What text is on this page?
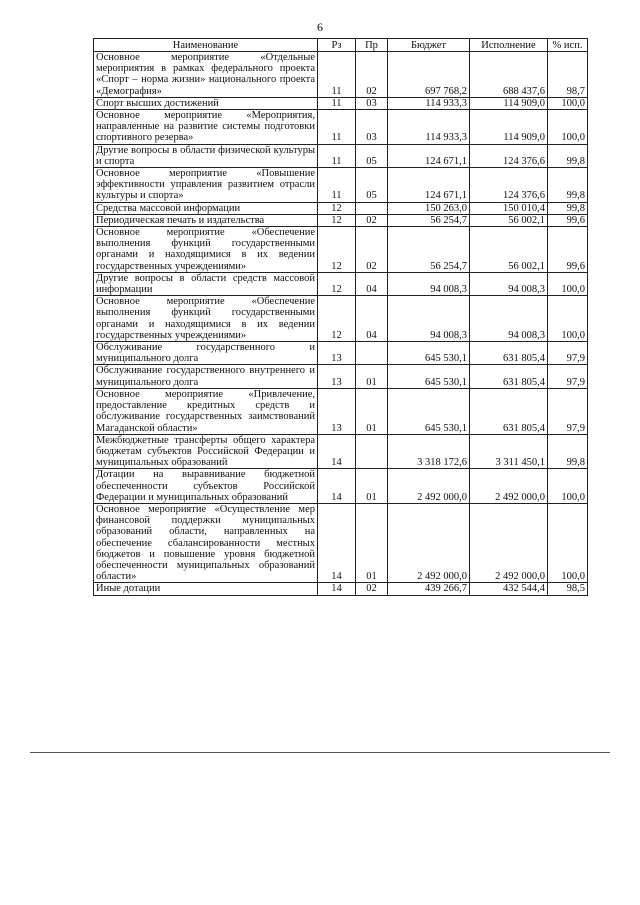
6
Наименование	Рз	Пр	Бюджет	Исполнение	% исп.
Основное мероприятие «Отдельные мероприятия в рамках федерального проекта «Спорт – норма жизни» национального проекта «Демография»	11	02	697 768,2	688 437,6	98,7
Спорт высших достижений	11	03	114 933,3	114 909,0	100,0
Основное мероприятие «Мероприятия, направленные на развитие системы подготовки спортивного резерва»	11	03	114 933,3	114 909,0	100,0
Другие вопросы в области физической культуры и спорта	11	05	124 671,1	124 376,6	99,8
Основное мероприятие «Повышение эффективности управления развитием отрасли культуры и спорта»	11	05	124 671,1	124 376,6	99,8
Средства массовой информации	12		150 263,0	150 010,4	99,8
Периодическая печать и издательства	12	02	56 254,7	56 002,1	99,6
Основное мероприятие «Обеспечение выполнения функций государственными органами и находящимися в их ведении государственных учреждениями»	12	02	56 254,7	56 002,1	99,6
Другие вопросы в области средств массовой информации	12	04	94 008,3	94 008,3	100,0
Основное мероприятие «Обеспечение выполнения функций государственными органами и находящимися в их ведении государственных учреждениями»	12	04	94 008,3	94 008,3	100,0
Обслуживание государственного и муниципального долга	13		645 530,1	631 805,4	97,9
Обслуживание государственного внутреннего и муниципального долга	13	01	645 530,1	631 805,4	97,9
Основное мероприятие «Привлечение, предоставление кредитных средств и обслуживание государственных заимствований Магаданской области»	13	01	645 530,1	631 805,4	97,9
Межбюджетные трансферты общего характера бюджетам субъектов Российской Федерации и муниципальных образований	14		3 318 172,6	3 311 450,1	99,8
Дотации на выравнивание бюджетной обеспеченности субъектов Российской Федерации и муниципальных образований	14	01	2 492 000,0	2 492 000,0	100,0
Основное мероприятие «Осуществление мер финансовой поддержки муниципальных образований области, направленных на обеспечение сбалансированности местных бюджетов и повышение уровня бюджетной обеспеченности муниципальных образований области»	14	01	2 492 000,0	2 492 000,0	100,0
Иные дотации	14	02	439 266,7	432 544,4	98,5
